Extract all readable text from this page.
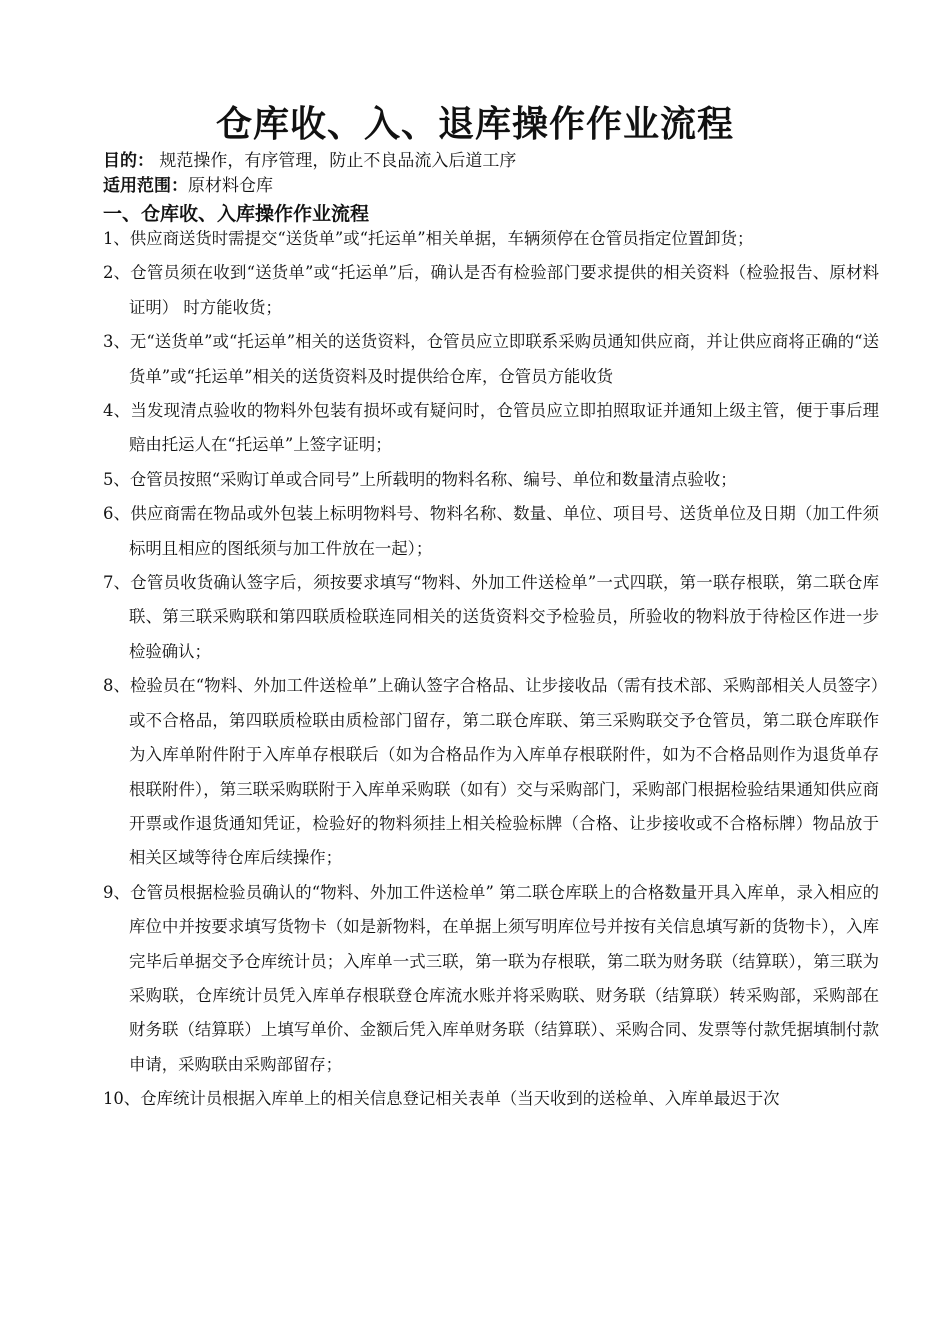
仓库收、入、退库操作作业流程
目的： 规范操作，有序管理，防止不良品流入后道工序
适用范围：原材料仓库
一、仓库收、入库操作作业流程
1、供应商送货时需提交“送货单”或“托运单”相关单据，车辆须停在仓管员指定位置卸货；
2、仓管员须在收到“送货单”或“托运单”后，确认是否有检验部门要求提供的相关资料（检验报告、原材料证明） 时方能收货；
3、无“送货单”或“托运单”相关的送货资料，仓管员应立即联系采购员通知供应商，并让供应商将正确的“送货单”或“托运单”相关的送货资料及时提供给仓库，仓管员方能收货
4、当发现清点验收的物料外包装有损坏或有疑问时，仓管员应立即拍照取证并通知上级主管，便于事后理赔由托运人在“托运单”上签字证明；
5、仓管员按照“采购订单或合同号”上所载明的物料名称、编号、单位和数量清点验收；
6、供应商需在物品或外包装上标明物料号、物料名称、数量、单位、项目号、送货单位及日期（加工件须标明且相应的图纸须与加工件放在一起）；
7、仓管员收货确认签字后，须按要求填写“物料、外加工件送检单”一式四联，第一联存根联，第二联仓库联、第三联采购联和第四联质检联连同相关的送货资料交予检验员，所验收的物料放于待检区作进一步检验确认；
8、检验员在“物料、外加工件送检单”上确认签字合格品、让步接收品（需有技术部、采购部相关人员签字）或不合格品，第四联质检联由质检部门留存，第二联仓库联、第三采购联交予仓管员，第二联仓库联作为入库单附件附于入库单存根联后（如为合格品作为入库单存根联附件，如为不合格品则作为退货单存根联附件），第三联采购联附于入库单采购联（如有）交与采购部门，采购部门根据检验结果通知供应商开票或作退货通知凭证，检验好的物料须挂上相关检验标牌（合格、让步接收或不合格标牌）物品放于相关区域等待仓库后续操作；
9、仓管员根据检验员确认的“物料、外加工件送检单” 第二联仓库联上的合格数量开具入库单，录入相应的库位中并按要求填写货物卡（如是新物料，在单据上须写明库位号并按有关信息填写新的货物卡），入库完毕后单据交予仓库统计员；入库单一式三联，第一联为存根联，第二联为财务联（结算联），第三联为采购联，仓库统计员凭入库单存根联登仓库流水账并将采购联、财务联（结算联）转采购部，采购部在财务联（结算联）上填写单价、金额后凭入库单财务联（结算联）、采购合同、发票等付款凭据填制付款申请，采购联由采购部留存；
10、仓库统计员根据入库单上的相关信息登记相关表单（当天收到的送检单、入库单最迟于次
